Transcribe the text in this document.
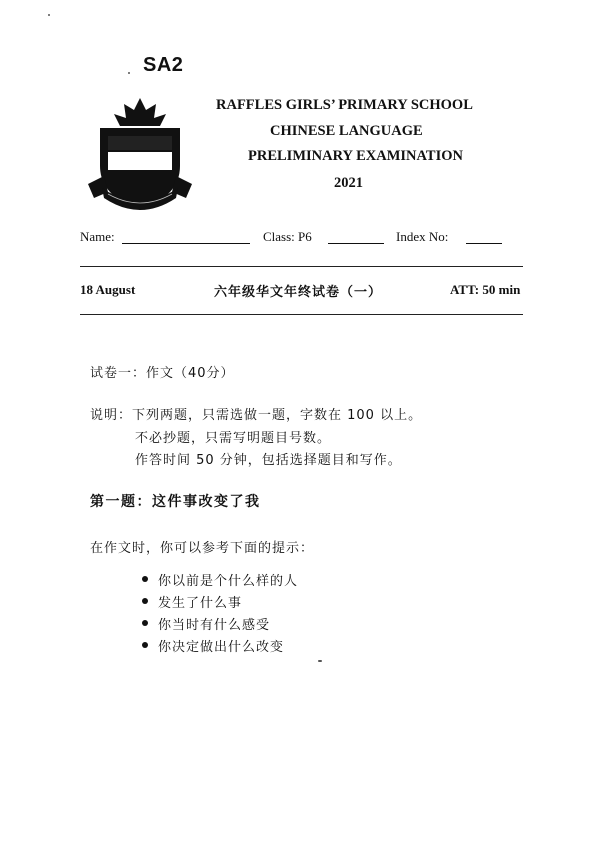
SA2
RAFFLES GIRLS’ PRIMARY SCHOOL
CHINESE LANGUAGE
PRELIMINARY EXAMINATION
2021
Name:	Class: P6	Index No:
18 August	六年级华文年终试卷（一）	ATT: 50 min
试卷一：作文（40分）
说明：下列两题，只需选做一题，字数在 100 以上。
不必抄题，只需写明题目号数。
作答时间 50 分钟，包括选择题目和写作。
第一题：这件事改变了我
在作文时，你可以参考下面的提示：
你以前是个什么样的人
发生了什么事
你当时有什么感受
你决定做出什么改变
